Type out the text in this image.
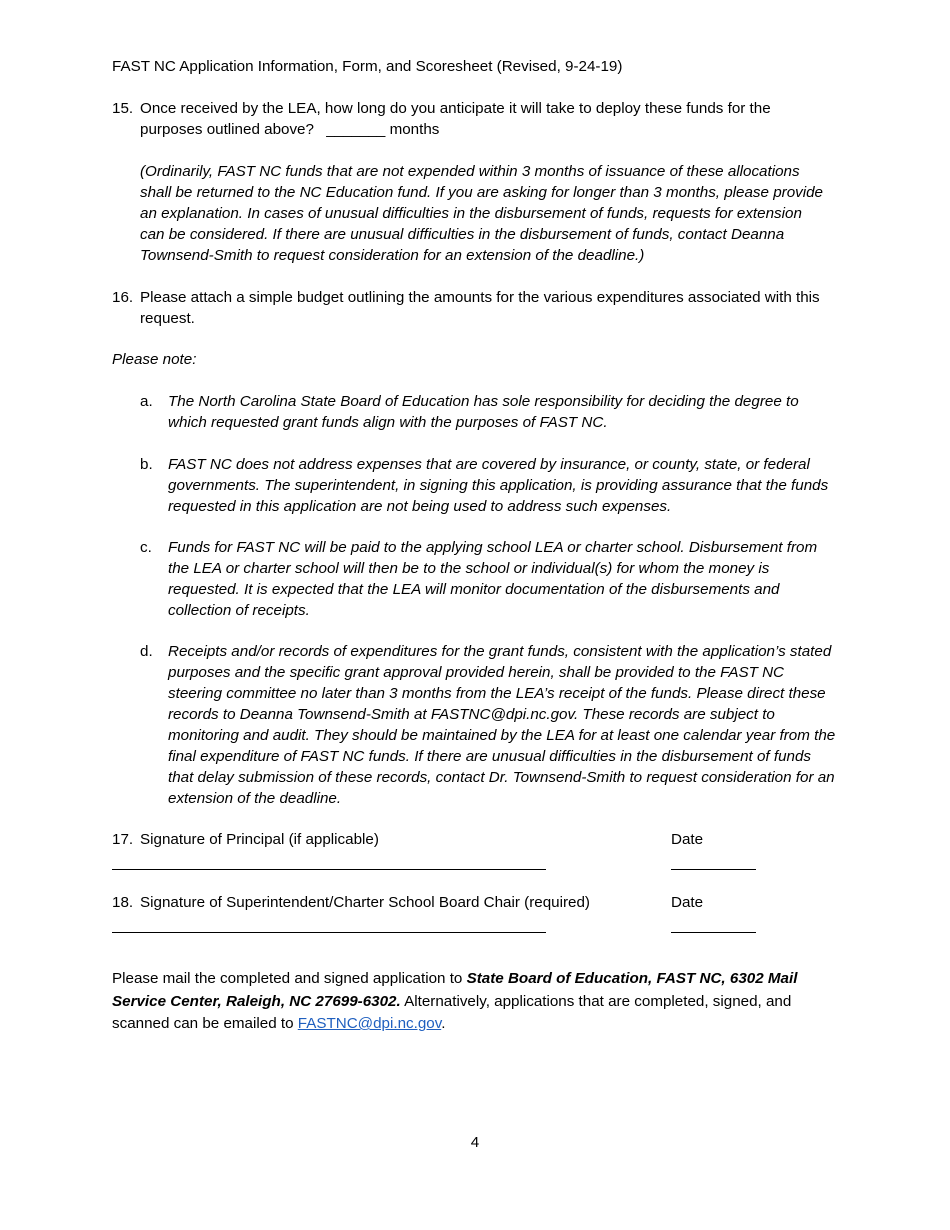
FAST NC Application Information, Form, and Scoresheet (Revised, 9-24-19)
15. Once received by the LEA, how long do you anticipate it will take to deploy these funds for the
purposes outlined above? _______ months
(Ordinarily, FAST NC funds that are not expended within 3 months of issuance of these allocations shall be returned to the NC Education fund. If you are asking for longer than 3 months, please provide an explanation. In cases of unusual difficulties in the disbursement of funds, requests for extension can be considered. If there are unusual difficulties in the disbursement of funds, contact Deanna Townsend-Smith to request consideration for an extension of the deadline.)
16. Please attach a simple budget outlining the amounts for the various expenditures associated with this request.
Please note:
a. The North Carolina State Board of Education has sole responsibility for deciding the degree to which requested grant funds align with the purposes of FAST NC.
b. FAST NC does not address expenses that are covered by insurance, or county, state, or federal governments. The superintendent, in signing this application, is providing assurance that the funds requested in this application are not being used to address such expenses.
c. Funds for FAST NC will be paid to the applying school LEA or charter school. Disbursement from the LEA or charter school will then be to the school or individual(s) for whom the money is requested. It is expected that the LEA will monitor documentation of the disbursements and collection of receipts.
d. Receipts and/or records of expenditures for the grant funds, consistent with the application’s stated purposes and the specific grant approval provided herein, shall be provided to the FAST NC steering committee no later than 3 months from the LEA’s receipt of the funds. Please direct these records to Deanna Townsend-Smith at FASTNC@dpi.nc.gov. These records are subject to monitoring and audit. They should be maintained by the LEA for at least one calendar year from the final expenditure of FAST NC funds. If there are unusual difficulties in the disbursement of funds that delay submission of these records, contact Dr. Townsend-Smith to request consideration for an extension of the deadline.
17. Signature of Principal (if applicable)	Date
18. Signature of Superintendent/Charter School Board Chair (required)	Date
Please mail the completed and signed application to State Board of Education, FAST NC, 6302 Mail Service Center, Raleigh, NC 27699-6302. Alternatively, applications that are completed, signed, and scanned can be emailed to FASTNC@dpi.nc.gov.
4
